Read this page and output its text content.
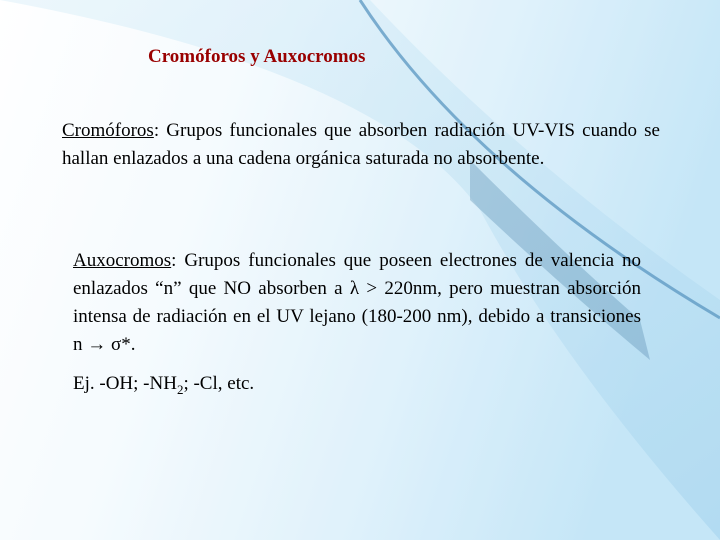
Cromóforos y Auxocromos
Cromóforos: Grupos funcionales que absorben radiación UV-VIS cuando se hallan enlazados a una cadena orgánica saturada no absorbente.
Auxocromos: Grupos funcionales que poseen electrones de valencia no enlazados “n” que NO absorben a λ > 220nm, pero muestran absorción intensa de radiación en el UV lejano (180-200 nm), debido a transiciones n → σ*.
Ej. -OH; $-NH_2$; -Cl, etc.
